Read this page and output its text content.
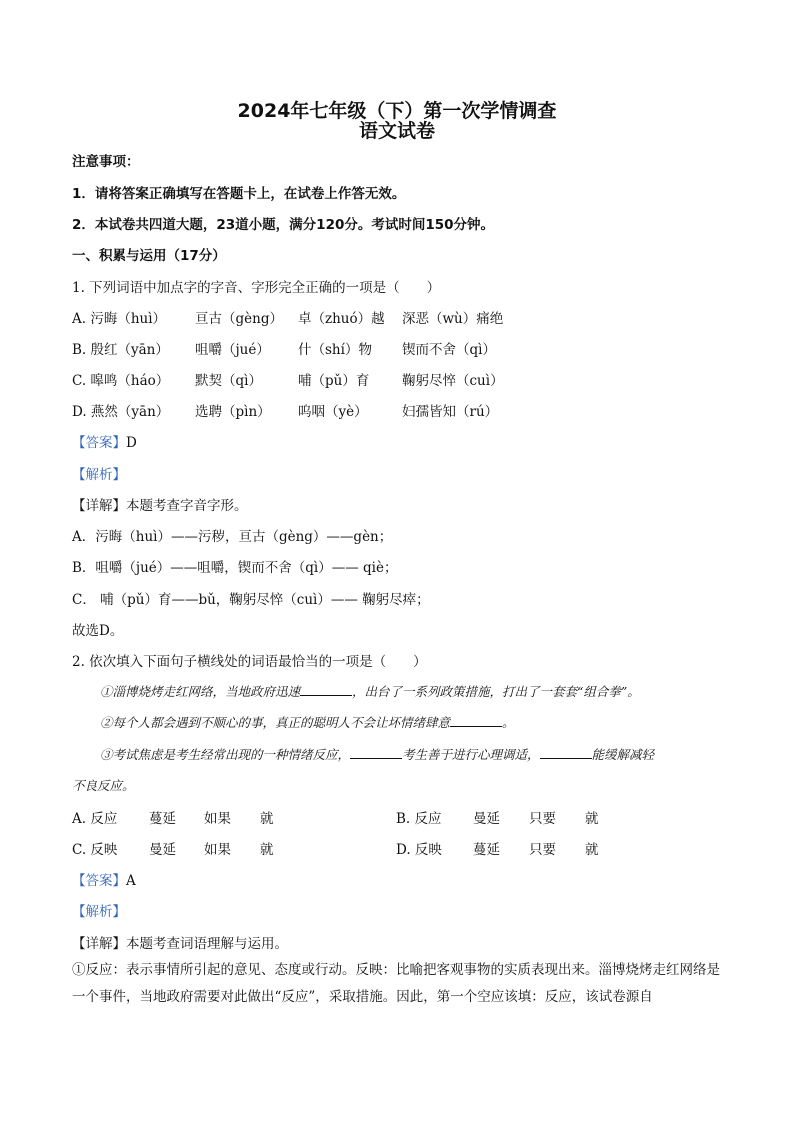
2024年七年级（下）第一次学情调查
语文试卷
注意事项：
1．请将答案正确填写在答题卡上，在试卷上作答无效。
2．本试卷共四道大题，23道小题，满分120分。考试时间150分钟。
一、积累与运用（17分）
1. 下列词语中加点字的字音、字形完全正确的一项是（　　）
A. 污晦（huì） 亘古（gèng） 卓（zhuó）越 深恶（wù）痛绝
B. 殷红（yān） 咀嚼（jué） 什（shí）物 锲而不舍（qì）
C. 嗥鸣（háo） 默契（qì）	哺（pǔ）育 鞠躬尽悴（cuì）
D. 燕然（yān） 选聘（pìn） 呜咽（yè）	妇孺皆知（rú）
【答案】D
【解析】
【详解】本题考查字音字形。
A．污晦（huì）——污秽，亘古（gèng）——gèn；
B．咀嚼（jué）——咀嚼，锲而不舍（qì）—— qiè；
C． 哺（pǔ）育——bǔ，鞠躬尽悴（cuì）—— 鞠躬尽瘁；
故选D。
2. 依次填入下面句子横线处的词语最恰当的一项是（　　）
①淄博烧烤走红网络，当地政府迅速	，出台了一系列政策措施，打出了一套套“组合拳”。
②每个人都会遇到不顺心的事，真正的聪明人不会让坏情绪肆意	。
③考试焦虑是考生经常出现的一种情绪反应，	考生善于进行心理调适，	能缓解减轻
不良反应。
A. 反应 蔓延 如果 就	B. 反应 曼延 只要 就
C. 反映 曼延 如果 就	D. 反映 蔓延 只要 就
【答案】A
【解析】
【详解】本题考查词语理解与运用。
①反应：表示事情所引起的意见、态度或行动。反映：比喻把客观事物的实质表现出来。淄博烧烤走红网络是一个事件，当地政府需要对此做出“反应”，采取措施。因此，第一个空应该填：反应，该试卷源自
